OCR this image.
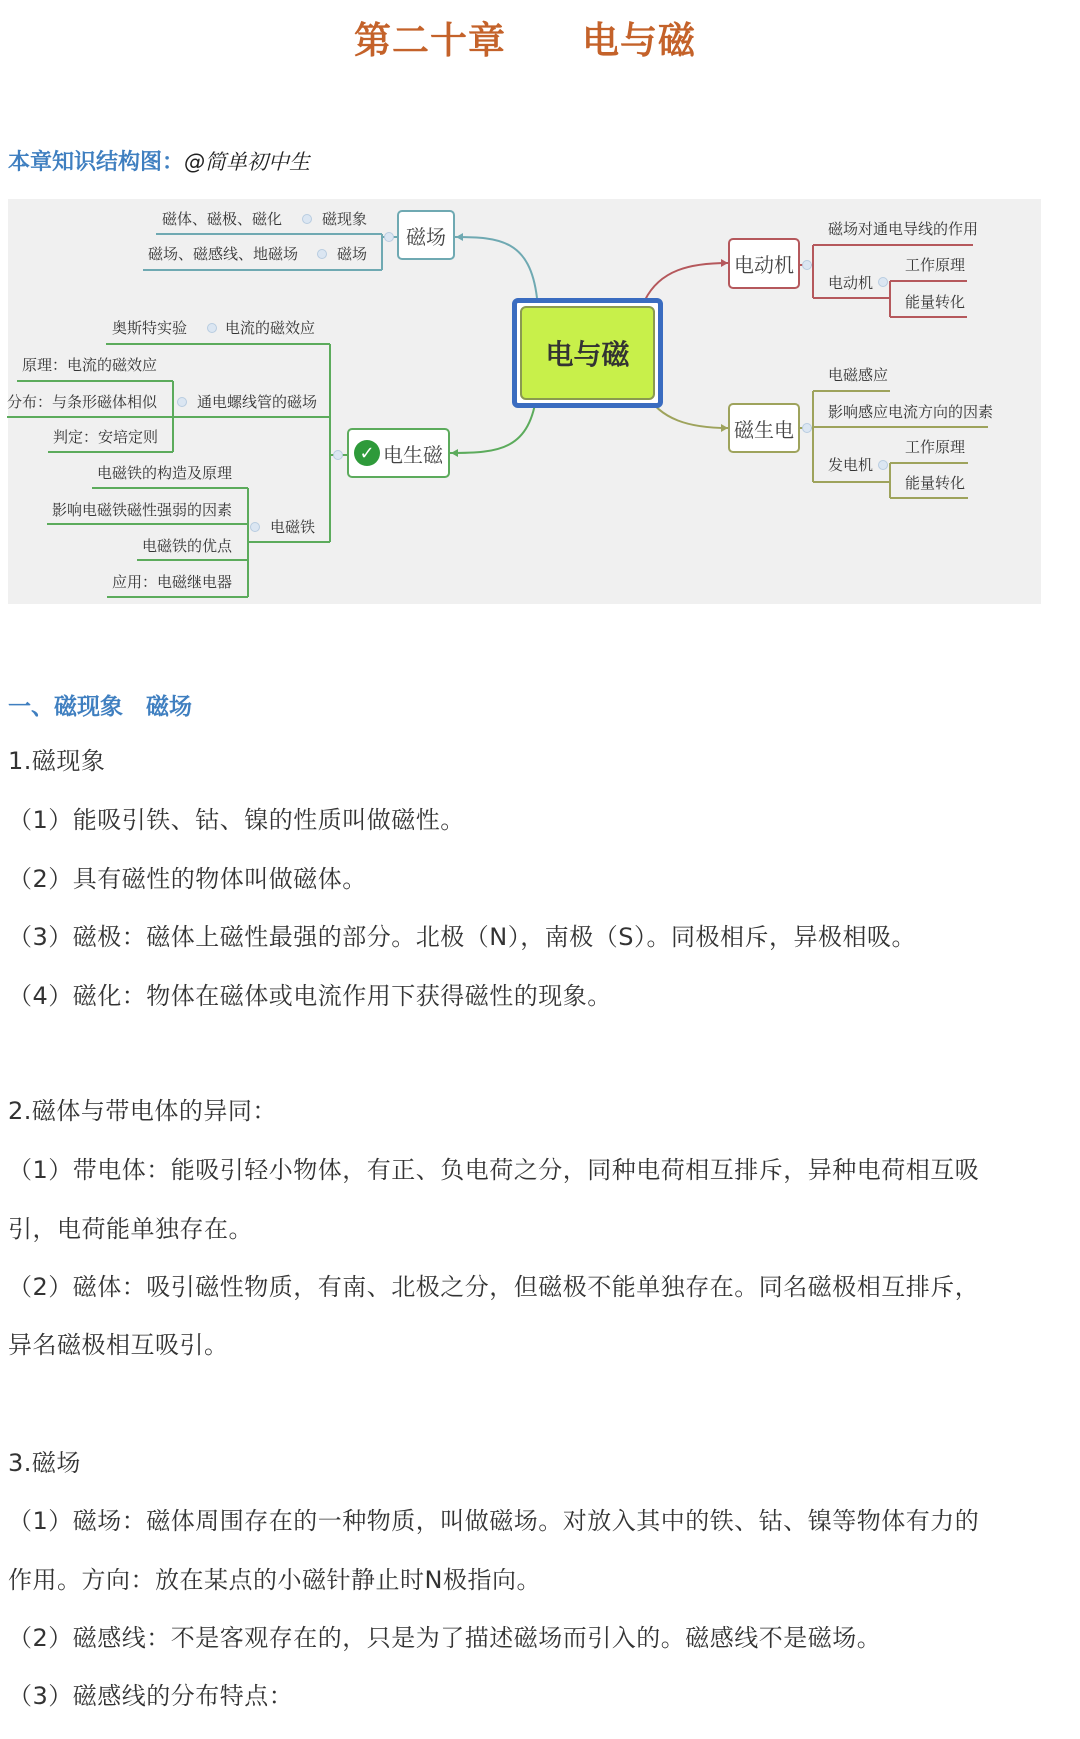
第二十章　　电与磁
本章知识结构图：@简单初中生
磁体、磁极、磁化	磁现象
磁场、磁感线、地磁场	磁场
奥斯特实验	电流的磁效应
原理：电流的磁效应
分布：与条形磁体相似	通电螺线管的磁场
判定：安培定则
电磁铁的构造及原理
影响电磁铁磁性强弱的因素
电磁铁的优点
应用：电磁继电器
电磁铁
磁场对通电导线的作用
电动机
工作原理
能量转化
电磁感应
影响感应电流方向的因素
发电机
工作原理
能量转化
电与磁
磁场
✓ 电生磁
电动机
磁生电
一、磁现象　磁场
1.磁现象
（1）能吸引铁、钴、镍的性质叫做磁性。
（2）具有磁性的物体叫做磁体。
（3）磁极：磁体上磁性最强的部分。北极（N），南极（S）。同极相斥，异极相吸。
（4）磁化：物体在磁体或电流作用下获得磁性的现象。
2.磁体与带电体的异同：
（1）带电体：能吸引轻小物体，有正、负电荷之分，同种电荷相互排斥，异种电荷相互吸
引，电荷能单独存在。
（2）磁体：吸引磁性物质，有南、北极之分，但磁极不能单独存在。同名磁极相互排斥，
异名磁极相互吸引。
3.磁场
（1）磁场：磁体周围存在的一种物质，叫做磁场。对放入其中的铁、钴、镍等物体有力的
作用。方向：放在某点的小磁针静止时N极指向。
（2）磁感线：不是客观存在的，只是为了描述磁场而引入的。磁感线不是磁场。
（3）磁感线的分布特点：
